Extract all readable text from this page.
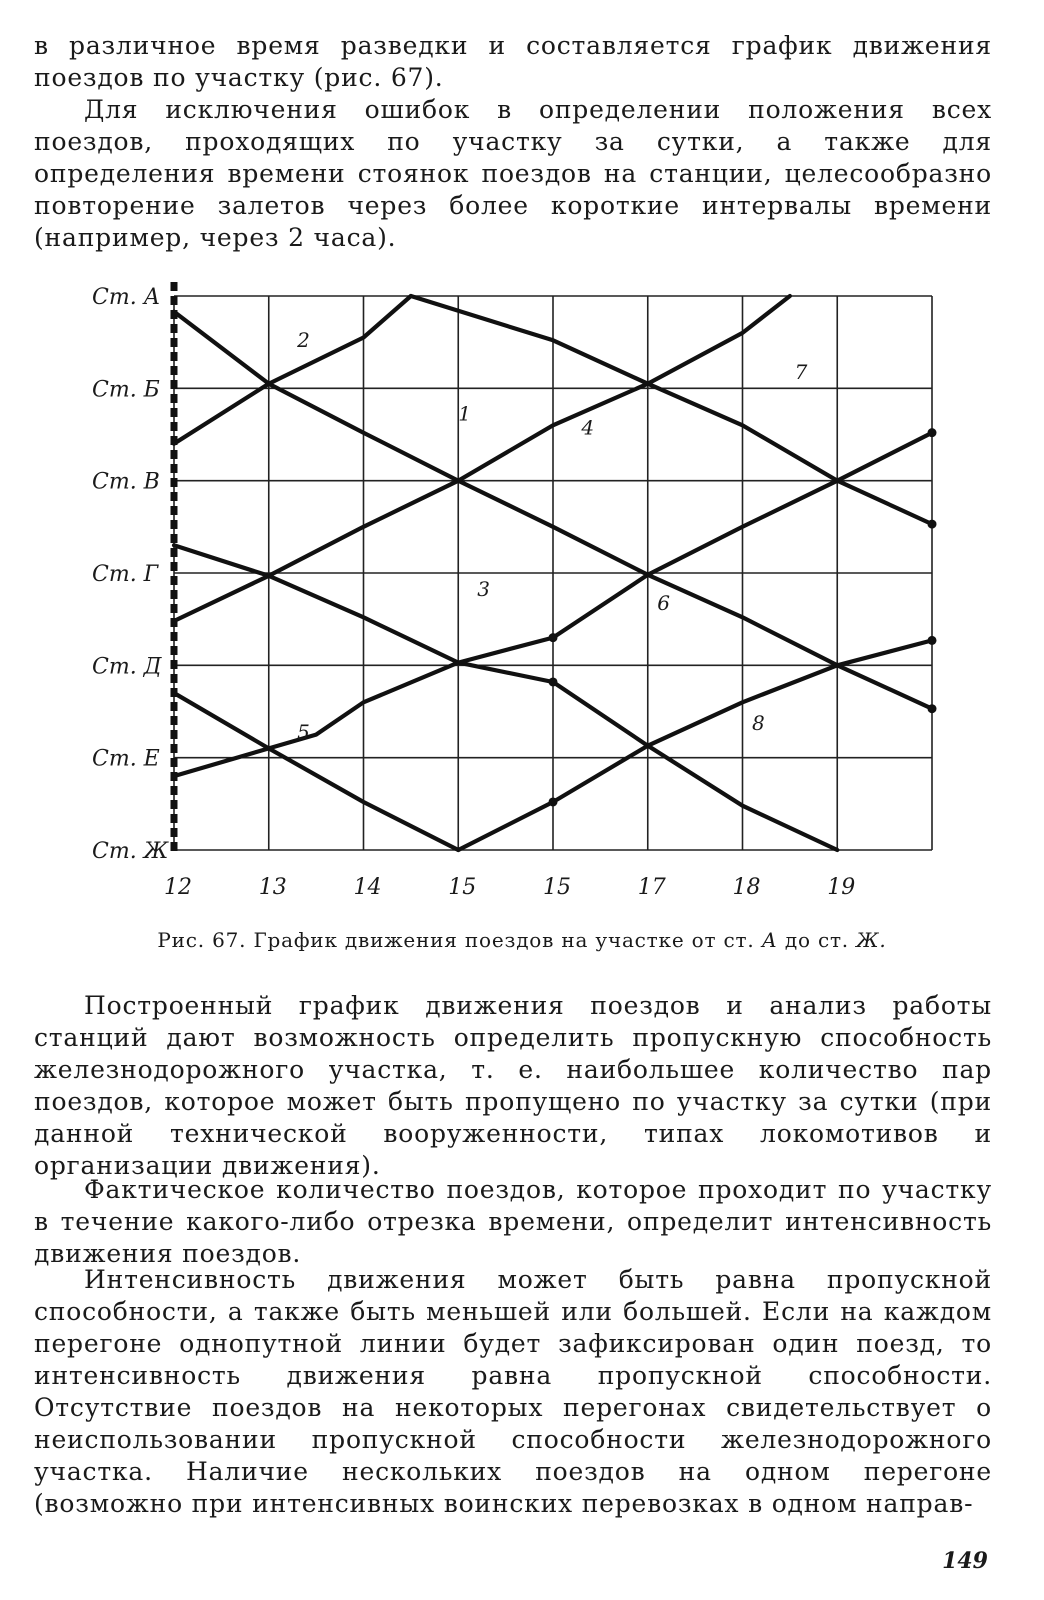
в различное время разведки и составляется график движения поездов по участку (рис. 67).

Для исключения ошибок в определении положения всех поездов, проходящих по участку за сутки, а также для определения времени стоянок поездов на станции, целесообразно повторение залетов через более короткие интервалы времени (например, через 2 часа).

1
2
3
4
5
6
7
8
Ст. А
Ст. Б
Ст. В
Ст. Г
Ст. Д
Ст. Е
Ст. Ж
12	13	14	15	15	17	18	19
Рис. 67. График движения поездов на участке от ст. А до ст. Ж.

Построенный график движения поездов и анализ работы станций дают возможность определить пропускную способность железнодорожного участка, т. е. наибольшее количество пар поездов, которое может быть пропущено по участку за сутки (при данной технической вооруженности, типах локомотивов и организации движения).

Фактическое количество поездов, которое проходит по участку в течение какого-либо отрезка времени, определит интенсивность движения поездов.

Интенсивность движения может быть равна пропускной способности, а также быть меньшей или большей. Если на каждом перегоне однопутной линии будет зафиксирован один поезд, то интенсивность движения равна пропускной способности. Отсутствие поездов на некоторых перегонах свидетельствует о неиспользовании пропускной способности железнодорожного участка. Наличие нескольких поездов на одном перегоне (возможно при интенсивных воинских перевозках в одном направ-

149
